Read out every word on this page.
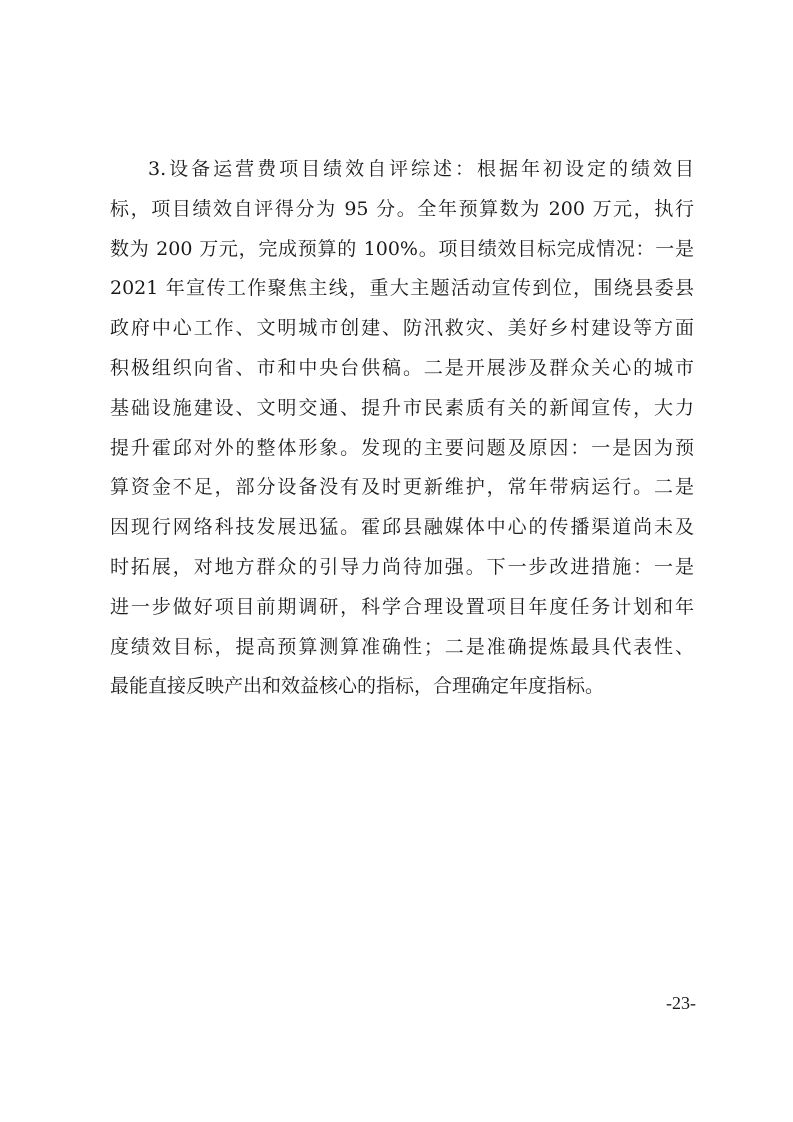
3.设备运营费项目绩效自评综述：根据年初设定的绩效目
标，项目绩效自评得分为 95 分。全年预算数为 200 万元，执行
数为 200 万元，完成预算的 100%。项目绩效目标完成情况：一是
2021 年宣传工作聚焦主线，重大主题活动宣传到位，围绕县委县
政府中心工作、文明城市创建、防汛救灾、美好乡村建设等方面
积极组织向省、市和中央台供稿。二是开展涉及群众关心的城市
基础设施建设、文明交通、提升市民素质有关的新闻宣传，大力
提升霍邱对外的整体形象。发现的主要问题及原因：一是因为预
算资金不足，部分设备没有及时更新维护，常年带病运行。二是
因现行网络科技发展迅猛。霍邱县融媒体中心的传播渠道尚未及
时拓展，对地方群众的引导力尚待加强。下一步改进措施：一是
进一步做好项目前期调研，科学合理设置项目年度任务计划和年
度绩效目标，提高预算测算准确性；二是准确提炼最具代表性、
最能直接反映产出和效益核心的指标，合理确定年度指标。
-23-
